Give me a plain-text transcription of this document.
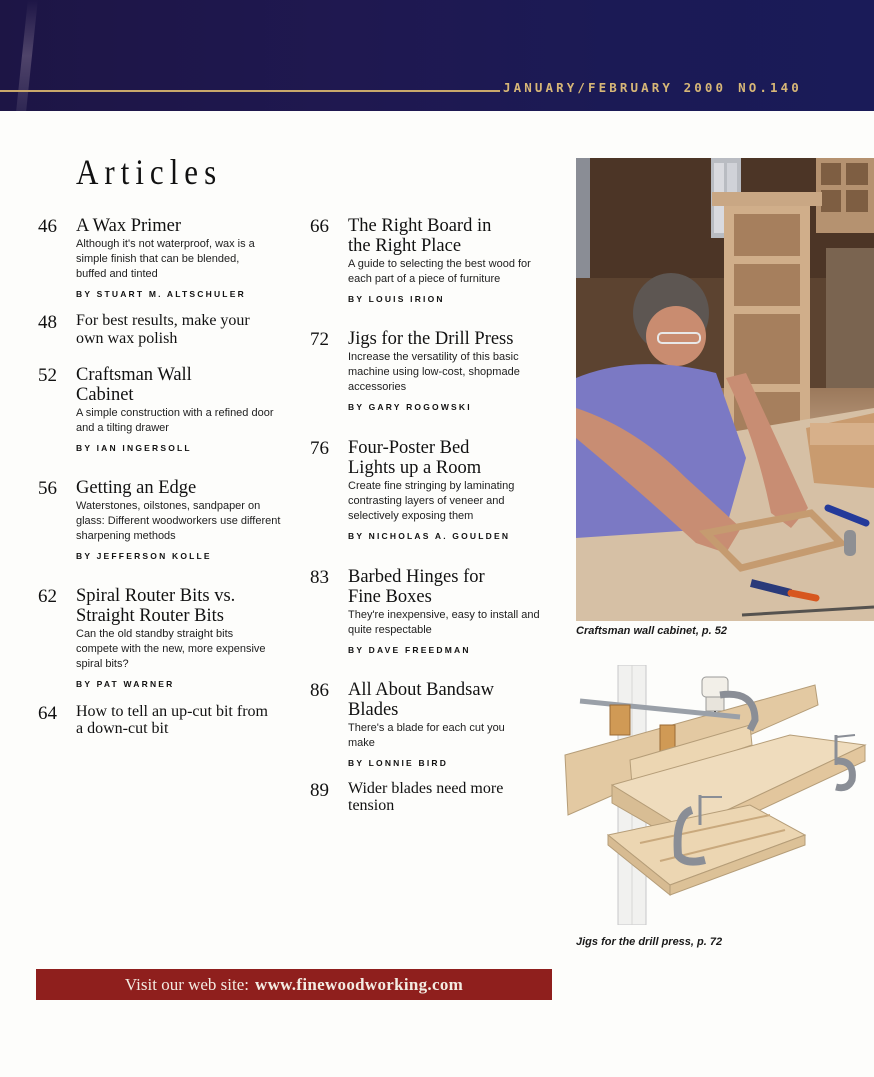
JANUARY/FEBRUARY 2000 NO.140
Articles
46	A Wax Primer
Although it's not waterproof, wax is a simple finish that can be blended, buffed and tinted
BY STUART M. ALTSCHULER
48	For best results, make your own wax polish
52	Craftsman Wall Cabinet
A simple construction with a refined door and a tilting drawer
BY IAN INGERSOLL
56	Getting an Edge
Waterstones, oilstones, sandpaper on glass: Different woodworkers use different sharpening methods
BY JEFFERSON KOLLE
62	Spiral Router Bits vs. Straight Router Bits
Can the old standby straight bits compete with the new, more expensive spiral bits?
BY PAT WARNER
64	How to tell an up-cut bit from a down-cut bit
66	The Right Board in the Right Place
A guide to selecting the best wood for each part of a piece of furniture
BY LOUIS IRION
72	Jigs for the Drill Press
Increase the versatility of this basic machine using low-cost, shopmade accessories
BY GARY ROGOWSKI
76	Four-Poster Bed Lights up a Room
Create fine stringing by laminating contrasting layers of veneer and selectively exposing them
BY NICHOLAS A. GOULDEN
83	Barbed Hinges for Fine Boxes
They're inexpensive, easy to install and quite respectable
BY DAVE FREEDMAN
86	All About Bandsaw Blades
There's a blade for each cut you make
BY LONNIE BIRD
89	Wider blades need more tension
Craftsman wall cabinet, p. 52
Jigs for the drill press, p. 72
Visit our web site: www.finewoodworking.com
